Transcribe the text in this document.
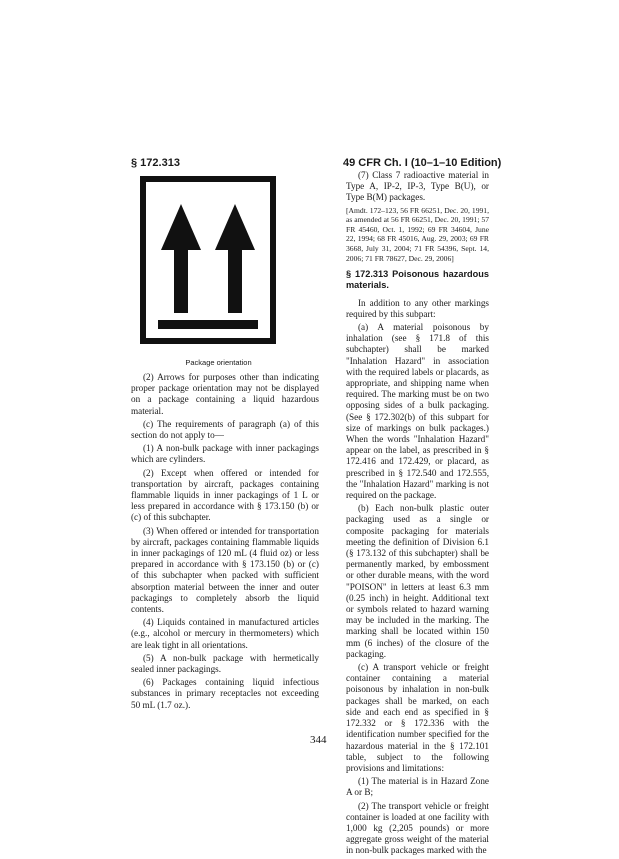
§ 172.313	49 CFR Ch. I (10–1–10 Edition)
Package orientation

(2) Arrows for purposes other than indicating proper package orientation may not be displayed on a package containing a liquid hazardous material.

(c) The requirements of paragraph (a) of this section do not apply to—

(1) A non-bulk package with inner packagings which are cylinders.

(2) Except when offered or intended for transportation by aircraft, packages containing flammable liquids in inner packagings of 1 L or less prepared in accordance with § 173.150 (b) or (c) of this subchapter.

(3) When offered or intended for transportation by aircraft, packages containing flammable liquids in inner packagings of 120 mL (4 fluid oz) or less prepared in accordance with § 173.150 (b) or (c) of this subchapter when packed with sufficient absorption material between the inner and outer packagings to completely absorb the liquid contents.

(4) Liquids contained in manufactured articles (e.g., alcohol or mercury in thermometers) which are leak tight in all orientations.

(5) A non-bulk package with hermetically sealed inner packagings.

(6) Packages containing liquid infectious substances in primary receptacles not exceeding 50 mL (1.7 oz.).

(7) Class 7 radioactive material in Type A, IP-2, IP-3, Type B(U), or Type B(M) packages.

[Amdt. 172–123, 56 FR 66251, Dec. 20, 1991, as amended at 56 FR 66251, Dec. 20, 1991; 57 FR 45460, Oct. 1, 1992; 69 FR 34604, June 22, 1994; 68 FR 45016, Aug. 29, 2003; 69 FR 3668, July 31, 2004; 71 FR 54396, Sept. 14, 2006; 71 FR 78627, Dec. 29, 2006]

§ 172.313 Poisonous hazardous materials.

In addition to any other markings required by this subpart:

(a) A material poisonous by inhalation (see § 171.8 of this subchapter) shall be marked "Inhalation Hazard" in association with the required labels or placards, as appropriate, and shipping name when required. The marking must be on two opposing sides of a bulk packaging. (See § 172.302(b) of this subpart for size of markings on bulk packages.) When the words "Inhalation Hazard" appear on the label, as prescribed in § 172.416 and 172.429, or placard, as prescribed in § 172.540 and 172.555, the "Inhalation Hazard" marking is not required on the package.

(b) Each non-bulk plastic outer packaging used as a single or composite packaging for materials meeting the definition of Division 6.1 (§ 173.132 of this subchapter) shall be permanently marked, by embossment or other durable means, with the word "POISON" in letters at least 6.3 mm (0.25 inch) in height. Additional text or symbols related to hazard warning may be included in the marking. The marking shall be located within 150 mm (6 inches) of the closure of the packaging.

(c) A transport vehicle or freight container containing a material poisonous by inhalation in non-bulk packages shall be marked, on each side and each end as specified in § 172.332 or § 172.336 with the identification number specified for the hazardous material in the § 172.101 table, subject to the following provisions and limitations:

(1) The material is in Hazard Zone A or B;

(2) The transport vehicle or freight container is loaded at one facility with 1,000 kg (2,205 pounds) or more aggregate gross weight of the material in non-bulk packages marked with the

344
